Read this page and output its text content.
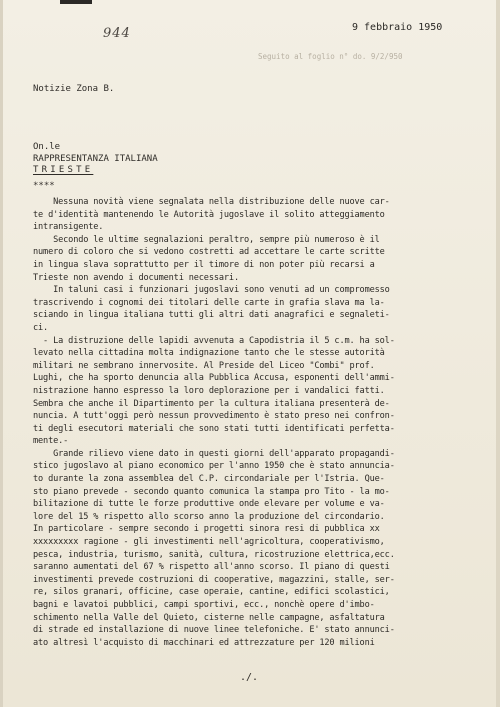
944	9 febbraio 1950
Seguito al foglio n° do. 9/2/950
Notizie Zona B.
On.le
RAPPRESENTANZA ITALIANA
TRIESTE
****
Nessuna novità viene segnalata nella distribuzione delle nuove car-
te d'identità mantenendo le Autorità jugoslave il solito atteggiamento
intransigente.
Secondo le ultime segnalazioni peraltro, sempre più numeroso è il
numero di coloro che si vedono costretti ad accettare le carte scritte
in lingua slava soprattutto per il timore di non poter più recarsi a
Trieste non avendo i documenti necessari.
In taluni casi i funzionari jugoslavi sono venuti ad un compromesso
trascrivendo i cognomi dei titolari delle carte in grafia slava ma la-
sciando in lingua italiana tutti gli altri dati anagrafici e segnaleti-
ci.
- La distruzione delle lapidi avvenuta a Capodistria il 5 c.m. ha sol-
levato nella cittadina molta indignazione tanto che le stesse autorità
militari ne sembrano innervosite. Al Preside del Liceo "Combi" prof.
Lughi, che ha sporto denuncia alla Pubblica Accusa, esponenti dell'ammi-
nistrazione hanno espresso la loro deplorazione per i vandalici fatti.
Sembra che anche il Dipartimento per la cultura italiana presenterà de-
nuncia. A tutt'oggi però nessun provvedimento è stato preso nei confron-
ti degli esecutori materiali che sono stati tutti identificati perfetta-
mente.-
Grande rilievo viene dato in questi giorni dell'apparato propagandi-
stico jugoslavo al piano economico per l'anno 1950 che è stato annuncia-
to durante la zona assemblea del C.P. circondariale per l'Istria. Que-
sto piano prevede - secondo quanto comunica la stampa pro Tito - la mo-
bilitazione di tutte le forze produttive onde elevare per volume e va-
lore del 15 % rispetto allo scorso anno la produzione del circondario.
In particolare - sempre secondo i progetti sinora resi di pubblica xx
xxxxxxxxx ragione - gli investimenti nell'agricoltura, cooperativismo,
pesca, industria, turismo, sanità, cultura, ricostruzione elettrica,ecc.
saranno aumentati del 67 % rispetto all'anno scorso. Il piano di questi
investimenti prevede costruzioni di cooperative, magazzini, stalle, ser-
re, silos granari, officine, case operaie, cantine, edifici scolastici,
bagni e lavatoi pubblici, campi sportivi, ecc., nonchè opere d'imbo-
schimento nella Valle del Quieto, cisterne nelle campagne, asfaltatura
di strade ed installazione di nuove linee telefoniche. E' stato annunci-
ato altresì l'acquisto di macchinari ed attrezzature per 120 milioni
./.
